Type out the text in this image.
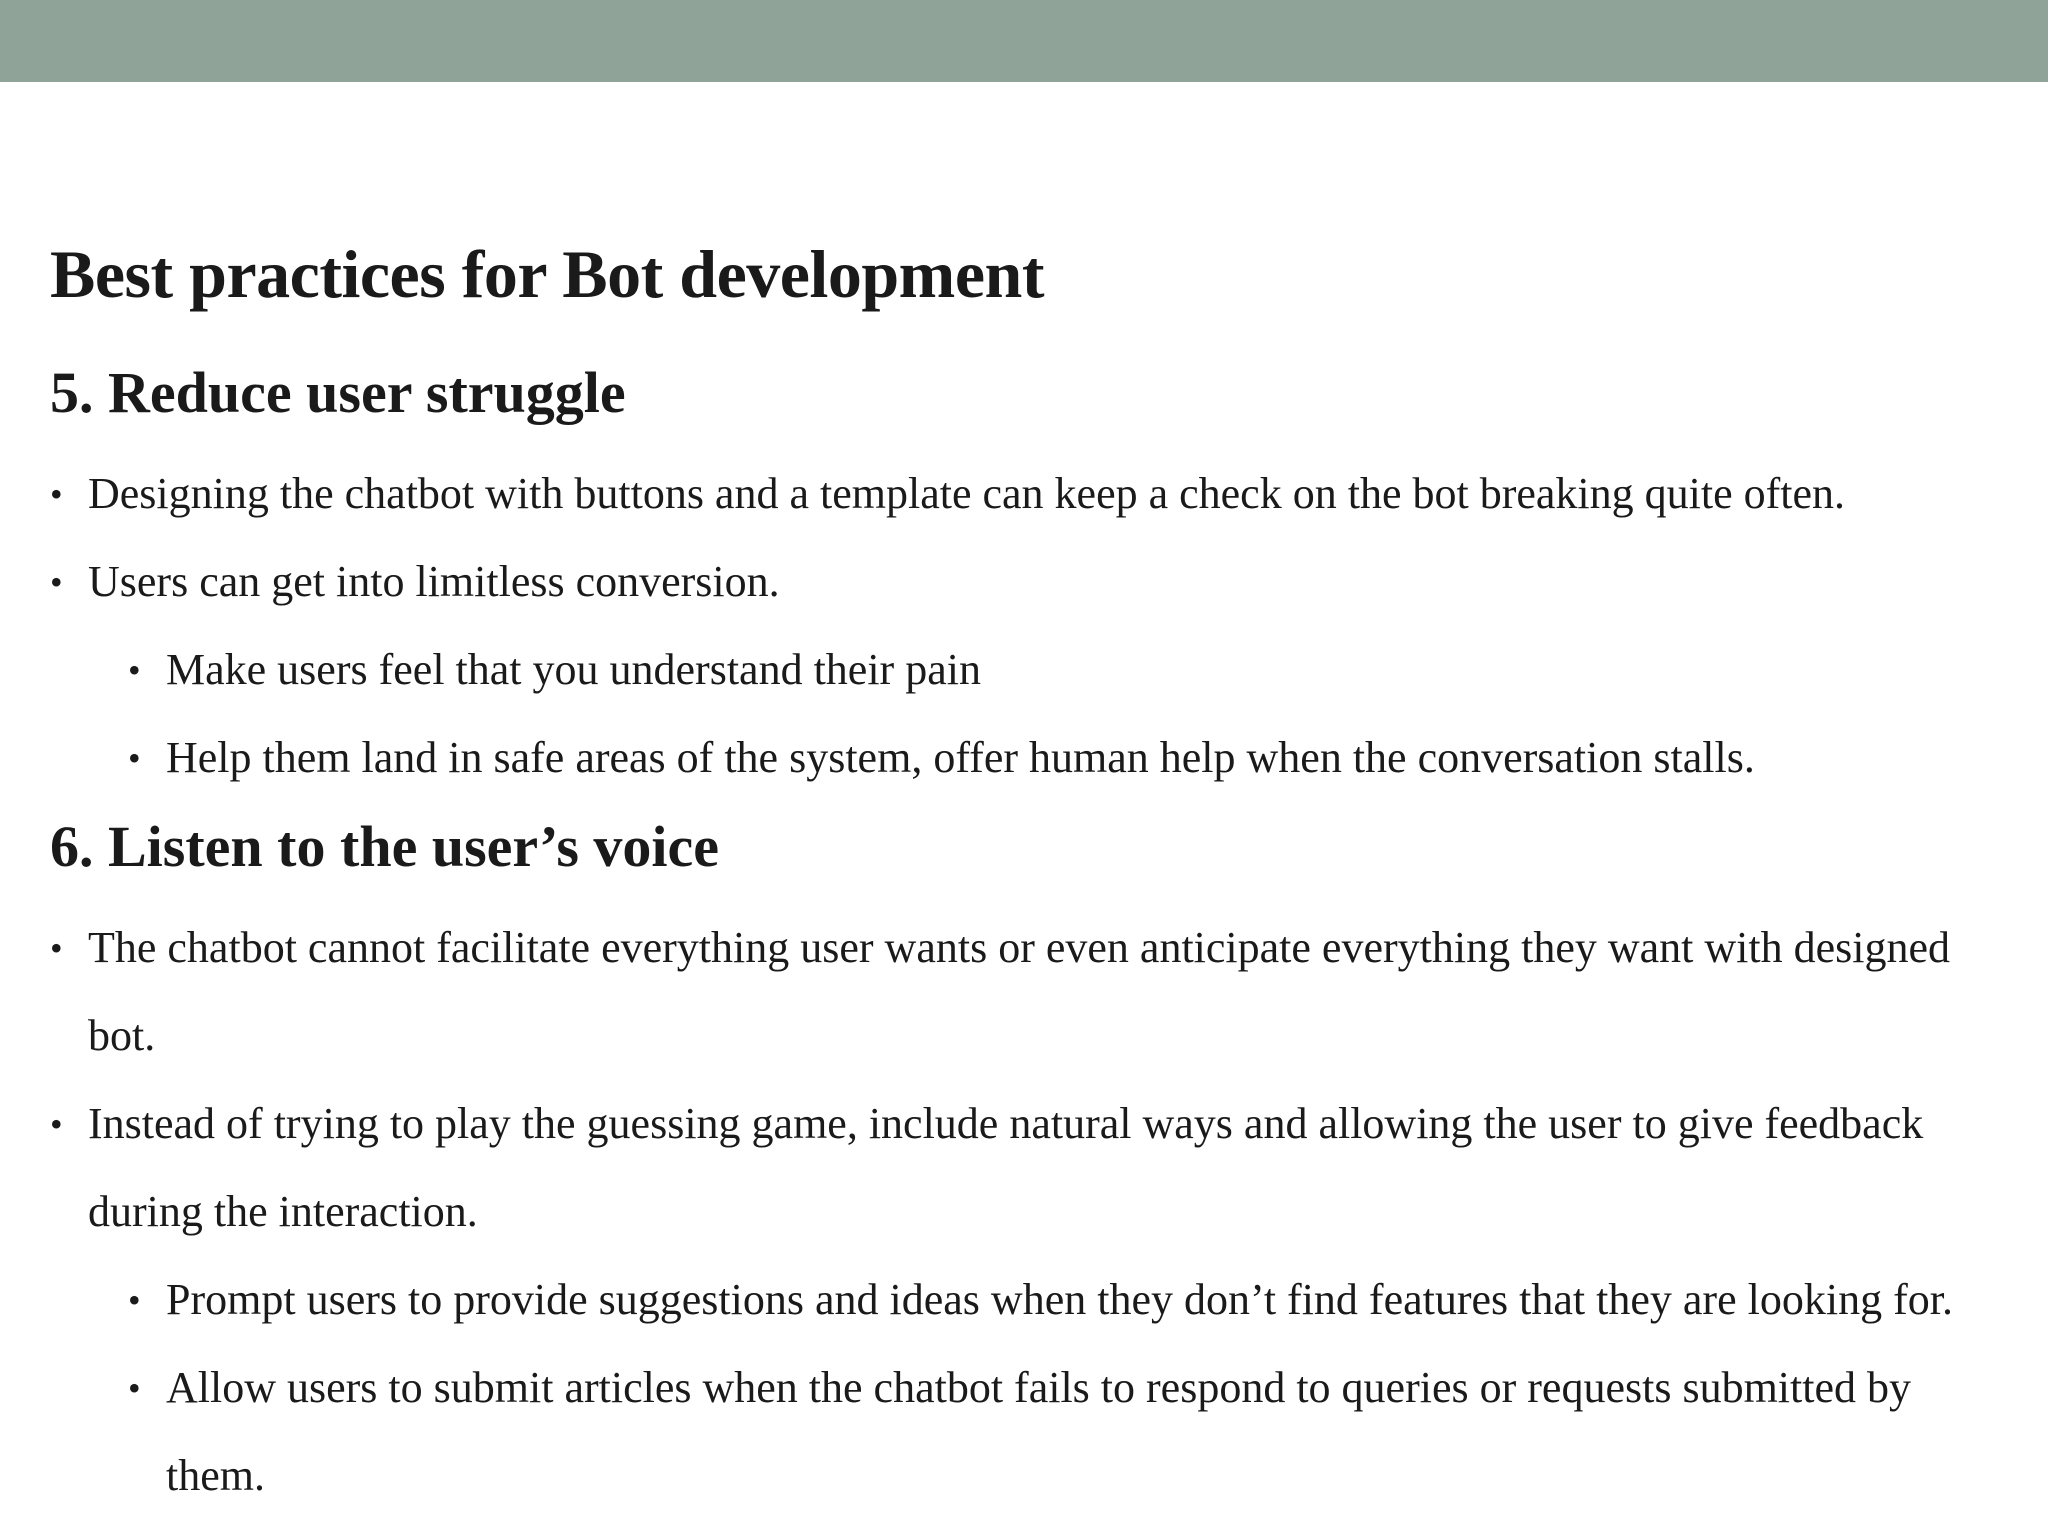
Best practices for Bot development
5. Reduce user struggle
• Designing the chatbot with buttons and a template can keep a check on the bot breaking quite often.
• Users can get into limitless conversion.
• Make users feel that you understand their pain
• Help them land in safe areas of the system, offer human help when the conversation stalls.
6. Listen to the user’s voice
• The chatbot cannot facilitate everything user wants or even anticipate everything they want with designed bot.
• Instead of trying to play the guessing game, include natural ways and allowing the user to give feedback during the interaction.
• Prompt users to provide suggestions and ideas when they don’t find features that they are looking for.
• Allow users to submit articles when the chatbot fails to respond to queries or requests submitted by them.
